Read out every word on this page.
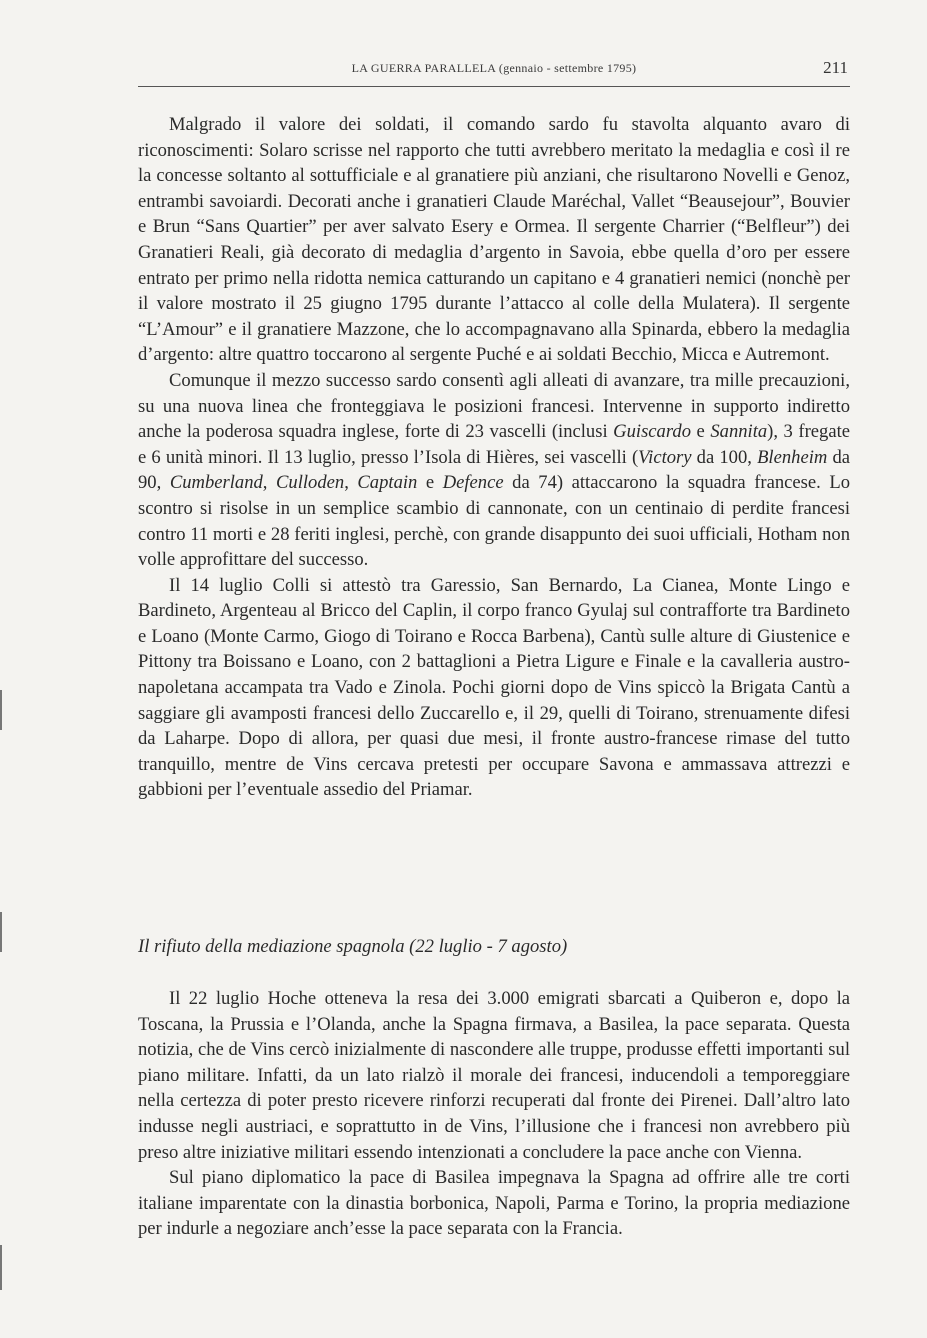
LA GUERRA PARALLELA (gennaio - settembre 1795)	211

Malgrado il valore dei soldati, il comando sardo fu stavolta alquanto avaro di riconoscimenti: Solaro scrisse nel rapporto che tutti avrebbero meritato la medaglia e così il re la concesse soltanto al sottufficiale e al granatiere più anziani, che risultarono Novelli e Genoz, entrambi savoiardi. Decorati anche i granatieri Claude Maréchal, Vallet “Beausejour”, Bouvier e Brun “Sans Quartier” per aver salvato Esery e Ormea. Il sergente Charrier (“Belfleur”) dei Granatieri Reali, già decorato di medaglia d’argento in Savoia, ebbe quella d’oro per essere entrato per primo nella ridotta nemica catturando un capitano e 4 granatieri nemici (nonchè per il valore mostrato il 25 giugno 1795 durante l’attacco al colle della Mulatera). Il sergente “L’Amour” e il granatiere Mazzone, che lo accompagnavano alla Spinarda, ebbero la medaglia d’argento: altre quattro toccarono al sergente Puché e ai soldati Becchio, Micca e Autremont.

Comunque il mezzo successo sardo consentì agli alleati di avanzare, tra mille precauzioni, su una nuova linea che fronteggiava le posizioni francesi. Intervenne in supporto indiretto anche la poderosa squadra inglese, forte di 23 vascelli (inclusi Guiscardo e Sannita), 3 fregate e 6 unità minori. Il 13 luglio, presso l’Isola di Hières, sei vascelli (Victory da 100, Blenheim da 90, Cumberland, Culloden, Captain e Defence da 74) attaccarono la squadra francese. Lo scontro si risolse in un semplice scambio di cannonate, con un centinaio di perdite francesi contro 11 morti e 28 feriti inglesi, perchè, con grande disappunto dei suoi ufficiali, Hotham non volle approfittare del successo.

Il 14 luglio Colli si attestò tra Garessio, San Bernardo, La Cianea, Monte Lingo e Bardineto, Argenteau al Bricco del Caplin, il corpo franco Gyulaj sul contrafforte tra Bardineto e Loano (Monte Carmo, Giogo di Toirano e Rocca Barbena), Cantù sulle alture di Giustenice e Pittony tra Boissano e Loano, con 2 battaglioni a Pietra Ligure e Finale e la cavalleria austro-napoletana accampata tra Vado e Zinola. Pochi giorni dopo de Vins spiccò la Brigata Cantù a saggiare gli avamposti francesi dello Zuccarello e, il 29, quelli di Toirano, strenuamente difesi da Laharpe. Dopo di allora, per quasi due mesi, il fronte austro-francese rimase del tutto tranquillo, mentre de Vins cercava pretesti per occupare Savona e ammassava attrezzi e gabbioni per l’eventuale assedio del Priamar.

Il rifiuto della mediazione spagnola (22 luglio - 7 agosto)

Il 22 luglio Hoche otteneva la resa dei 3.000 emigrati sbarcati a Quiberon e, dopo la Toscana, la Prussia e l’Olanda, anche la Spagna firmava, a Basilea, la pace separata. Questa notizia, che de Vins cercò inizialmente di nascondere alle truppe, produsse effetti importanti sul piano militare. Infatti, da un lato rialzò il morale dei francesi, inducendoli a temporeggiare nella certezza di poter presto ricevere rinforzi recuperati dal fronte dei Pirenei. Dall’altro lato indusse negli austriaci, e soprattutto in de Vins, l’illusione che i francesi non avrebbero più preso altre iniziative militari essendo intenzionati a concludere la pace anche con Vienna.

Sul piano diplomatico la pace di Basilea impegnava la Spagna ad offrire alle tre corti italiane imparentate con la dinastia borbonica, Napoli, Parma e Torino, la propria mediazione per indurle a negoziare anch’esse la pace separata con la Francia.
